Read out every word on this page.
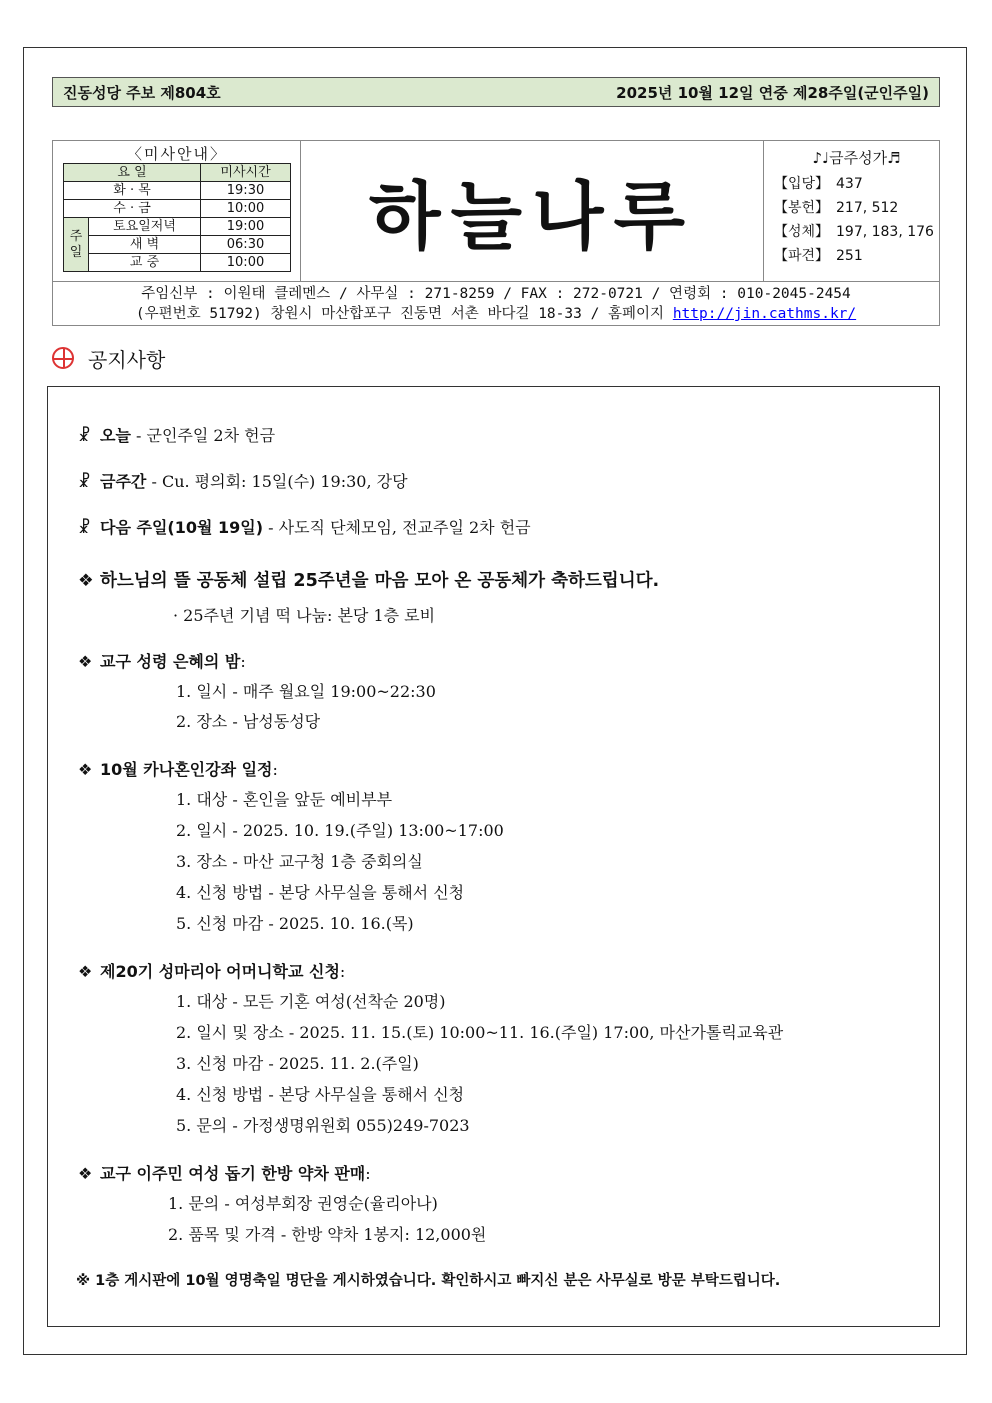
진동성당 주보 제804호	2025년 10월 12일 연중 제28주일(군인주일)
〈미사안내〉
요 일		미사시간
화 · 목		19:30
수 · 금		10:00
주일	토요일저녁	19:00
	새 벽	06:30
	교 중	10:00
하늘나루
♪♩금주성가♬
【입당】 437
【봉헌】 217, 512
【성체】 197, 183, 176
【파견】 251
주임신부 : 이원태 클레멘스 / 사무실 : 271-8259 / FAX : 272-0721 / 연령회 : 010-2045-2454
(우편번호 51792) 창원시 마산합포구 진동면 서촌 바다길 18-33 / 홈페이지 http://jin.cathms.kr/
공지사항
☧ 오늘 - 군인주일 2차 헌금
☧ 금주간 - Cu. 평의회: 15일(수) 19:30, 강당
☧ 다음 주일(10월 19일) - 사도직 단체모임, 전교주일 2차 헌금
❖ 하느님의 뜰 공동체 설립 25주년을 마음 모아 온 공동체가 축하드립니다.
· 25주년 기념 떡 나눔: 본당 1층 로비
❖ 교구 성령 은혜의 밤:
1. 일시 - 매주 월요일 19:00~22:30
2. 장소 - 남성동성당
❖ 10월 카나혼인강좌 일정:
1. 대상 - 혼인을 앞둔 예비부부
2. 일시 - 2025. 10. 19.(주일) 13:00~17:00
3. 장소 - 마산 교구청 1층 중회의실
4. 신청 방법 - 본당 사무실을 통해서 신청
5. 신청 마감 - 2025. 10. 16.(목)
❖ 제20기 성마리아 어머니학교 신청:
1. 대상 - 모든 기혼 여성(선착순 20명)
2. 일시 및 장소 - 2025. 11. 15.(토) 10:00~11. 16.(주일) 17:00, 마산가톨릭교육관
3. 신청 마감 - 2025. 11. 2.(주일)
4. 신청 방법 - 본당 사무실을 통해서 신청
5. 문의 - 가정생명위원회 055)249-7023
❖ 교구 이주민 여성 돕기 한방 약차 판매:
1. 문의 - 여성부회장 권영순(율리아나)
2. 품목 및 가격 - 한방 약차 1봉지: 12,000원
※ 1층 게시판에 10월 영명축일 명단을 게시하였습니다. 확인하시고 빠지신 분은 사무실로 방문 부탁드립니다.
